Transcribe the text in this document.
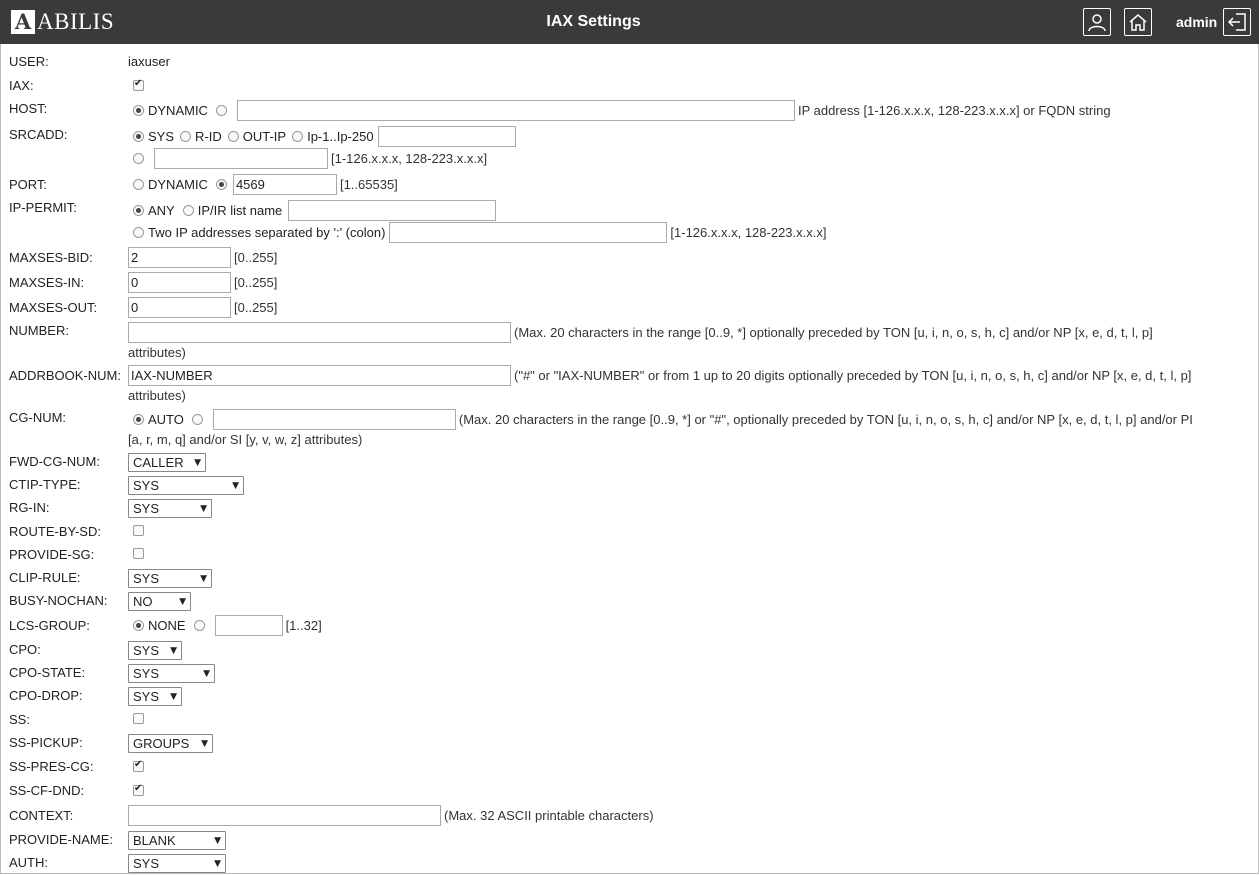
A ABILIS	IAX Settings	admin
USER:	iaxuser
IAX:
✔
HOST:	DYNAMIC	IP address [1-126.x.x.x, 128-223.x.x.x] or FQDN string
SRCADD:	SYS R-ID OUT-IP Ip-1..Ip-250
[1-126.x.x.x, 128-223.x.x.x]
PORT:	DYNAMIC
4569	[1..65535]
IP-PERMIT:	ANY IP/IR list name
Two IP addresses separated by ':' (colon)	[1-126.x.x.x, 128-223.x.x.x]
MAXSES-BID:
2	[0..255]
MAXSES-IN:
0	[0..255]
MAXSES-OUT:
0	[0..255]
NUMBER:	(Max. 20 characters in the range [0..9, *] optionally preceded by TON [u, i, n, o, s, h, c] and/or NP [x, e, d, t, l, p]
attributes)
ADDRBOOK-NUM:
IAX-NUMBER	("#" or "IAX-NUMBER" or from 1 up to 20 digits optionally preceded by TON [u, i, n, o, s, h, c] and/or NP [x, e, d, t, l, p]
attributes)
CG-NUM:	AUTO	(Max. 20 characters in the range [0..9, *] or "#", optionally preceded by TON [u, i, n, o, s, h, c] and/or NP [x, e, d, t, l, p] and/or PI
[a, r, m, q] and/or SI [y, v, w, z] attributes)
FWD-CG-NUM:	CALLER ▼
CTIP-TYPE:	SYS	▼
RG-IN:	SYS	▼
ROUTE-BY-SD:
PROVIDE-SG:
CLIP-RULE:	SYS	▼
BUSY-NOCHAN: NO	▼
LCS-GROUP:	NONE	[1..32]
CPO:	SYS ▼
CPO-STATE:	SYS	▼
CPO-DROP:	SYS ▼
SS:
SS-PICKUP:	GROUPS ▼
SS-PRES-CG:
✔
SS-CF-DND:
✔
CONTEXT:	(Max. 32 ASCII printable characters)
PROVIDE-NAME: BLANK	▼
AUTH:	SYS	▼
